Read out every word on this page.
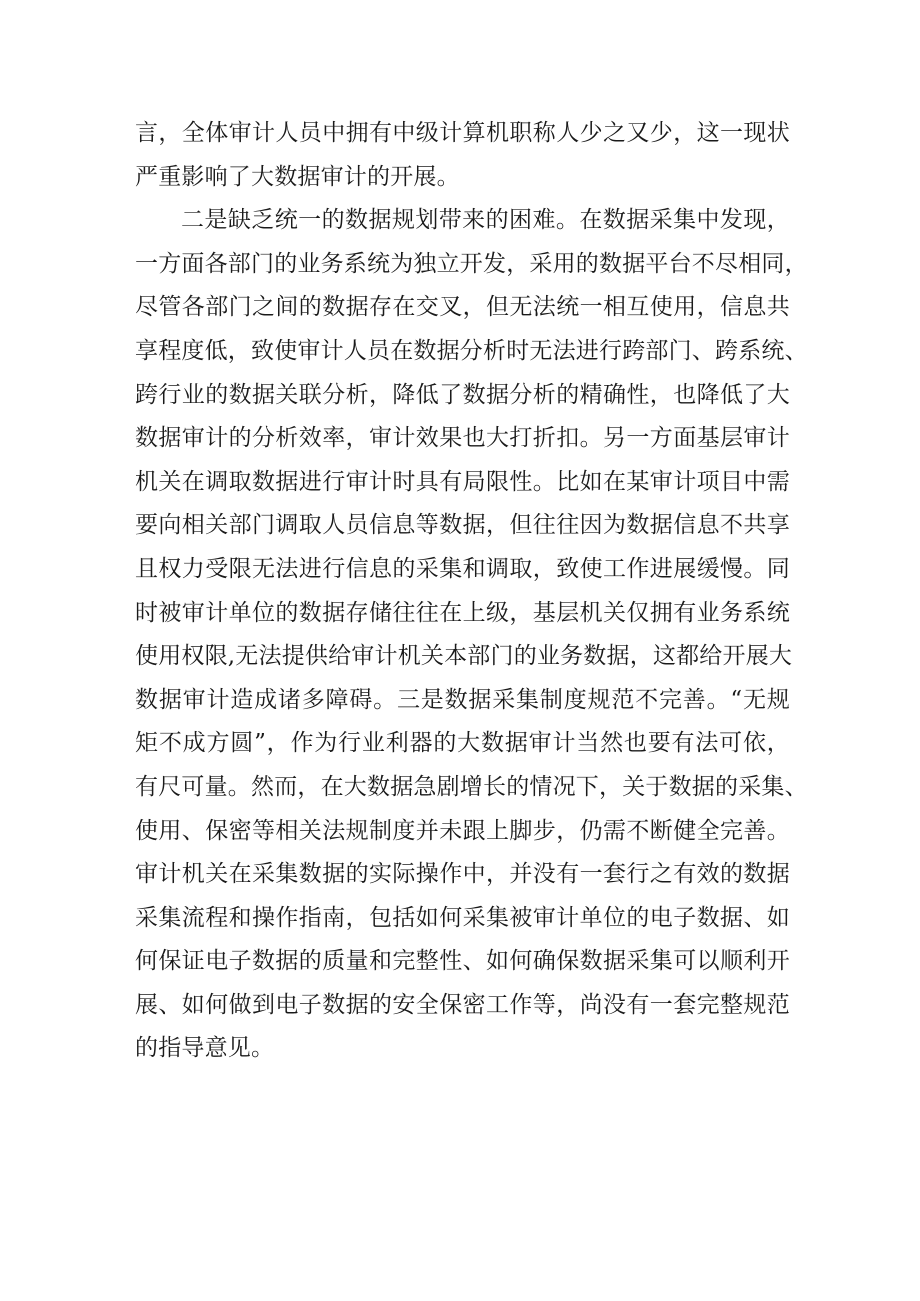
言，全体审计人员中拥有中级计算机职称人少之又少，这一现状
严重影响了大数据审计的开展。
二是缺乏统一的数据规划带来的困难。在数据采集中发现，
一方面各部门的业务系统为独立开发，采用的数据平台不尽相同，
尽管各部门之间的数据存在交叉，但无法统一相互使用，信息共
享程度低，致使审计人员在数据分析时无法进行跨部门、跨系统、
跨行业的数据关联分析，降低了数据分析的精确性，也降低了大
数据审计的分析效率，审计效果也大打折扣。另一方面基层审计
机关在调取数据进行审计时具有局限性。比如在某审计项目中需
要向相关部门调取人员信息等数据，但往往因为数据信息不共享
且权力受限无法进行信息的采集和调取，致使工作进展缓慢。同
时被审计单位的数据存储往往在上级，基层机关仅拥有业务系统
使用权限,无法提供给审计机关本部门的业务数据，这都给开展大
数据审计造成诸多障碍。三是数据采集制度规范不完善。“无规
矩不成方圆”，作为行业利器的大数据审计当然也要有法可依，
有尺可量。然而，在大数据急剧增长的情况下，关于数据的采集、
使用、保密等相关法规制度并未跟上脚步，仍需不断健全完善。
审计机关在采集数据的实际操作中，并没有一套行之有效的数据
采集流程和操作指南，包括如何采集被审计单位的电子数据、如
何保证电子数据的质量和完整性、如何确保数据采集可以顺利开
展、如何做到电子数据的安全保密工作等，尚没有一套完整规范
的指导意见。
